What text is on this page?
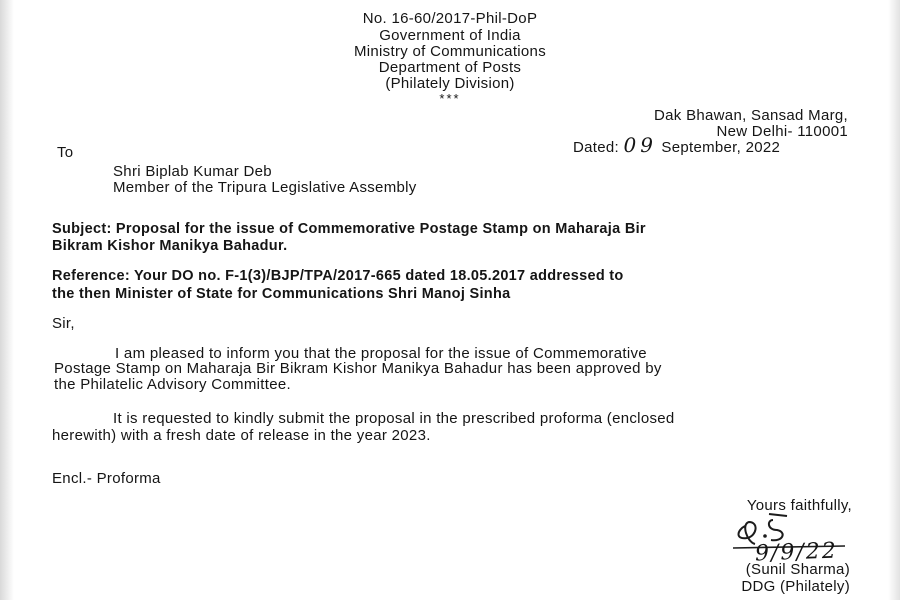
No. 16-60/2017-Phil-DoP
Government of India
Ministry of Communications
Department of Posts
(Philately Division)
***
Dak Bhawan, Sansad Marg,
New Delhi- 110001
Dated: 09 September, 2022
To
Shri Biplab Kumar Deb
Member of the Tripura Legislative Assembly
Subject: Proposal for the issue of Commemorative Postage Stamp on Maharaja Bir
Bikram Kishor Manikya Bahadur.
Reference: Your DO no. F-1(3)/BJP/TPA/2017-665 dated 18.05.2017 addressed to
the then Minister of State for Communications Shri Manoj Sinha
Sir,
I am pleased to inform you that the proposal for the issue of Commemorative
Postage Stamp on Maharaja Bir Bikram Kishor Manikya Bahadur has been approved by
the Philatelic Advisory Committee.
It is requested to kindly submit the proposal in the prescribed proforma (enclosed
herewith) with a fresh date of release in the year 2023.
Encl.- Proforma
Yours faithfully,
9/9/22
(Sunil Sharma)
DDG (Philately)
